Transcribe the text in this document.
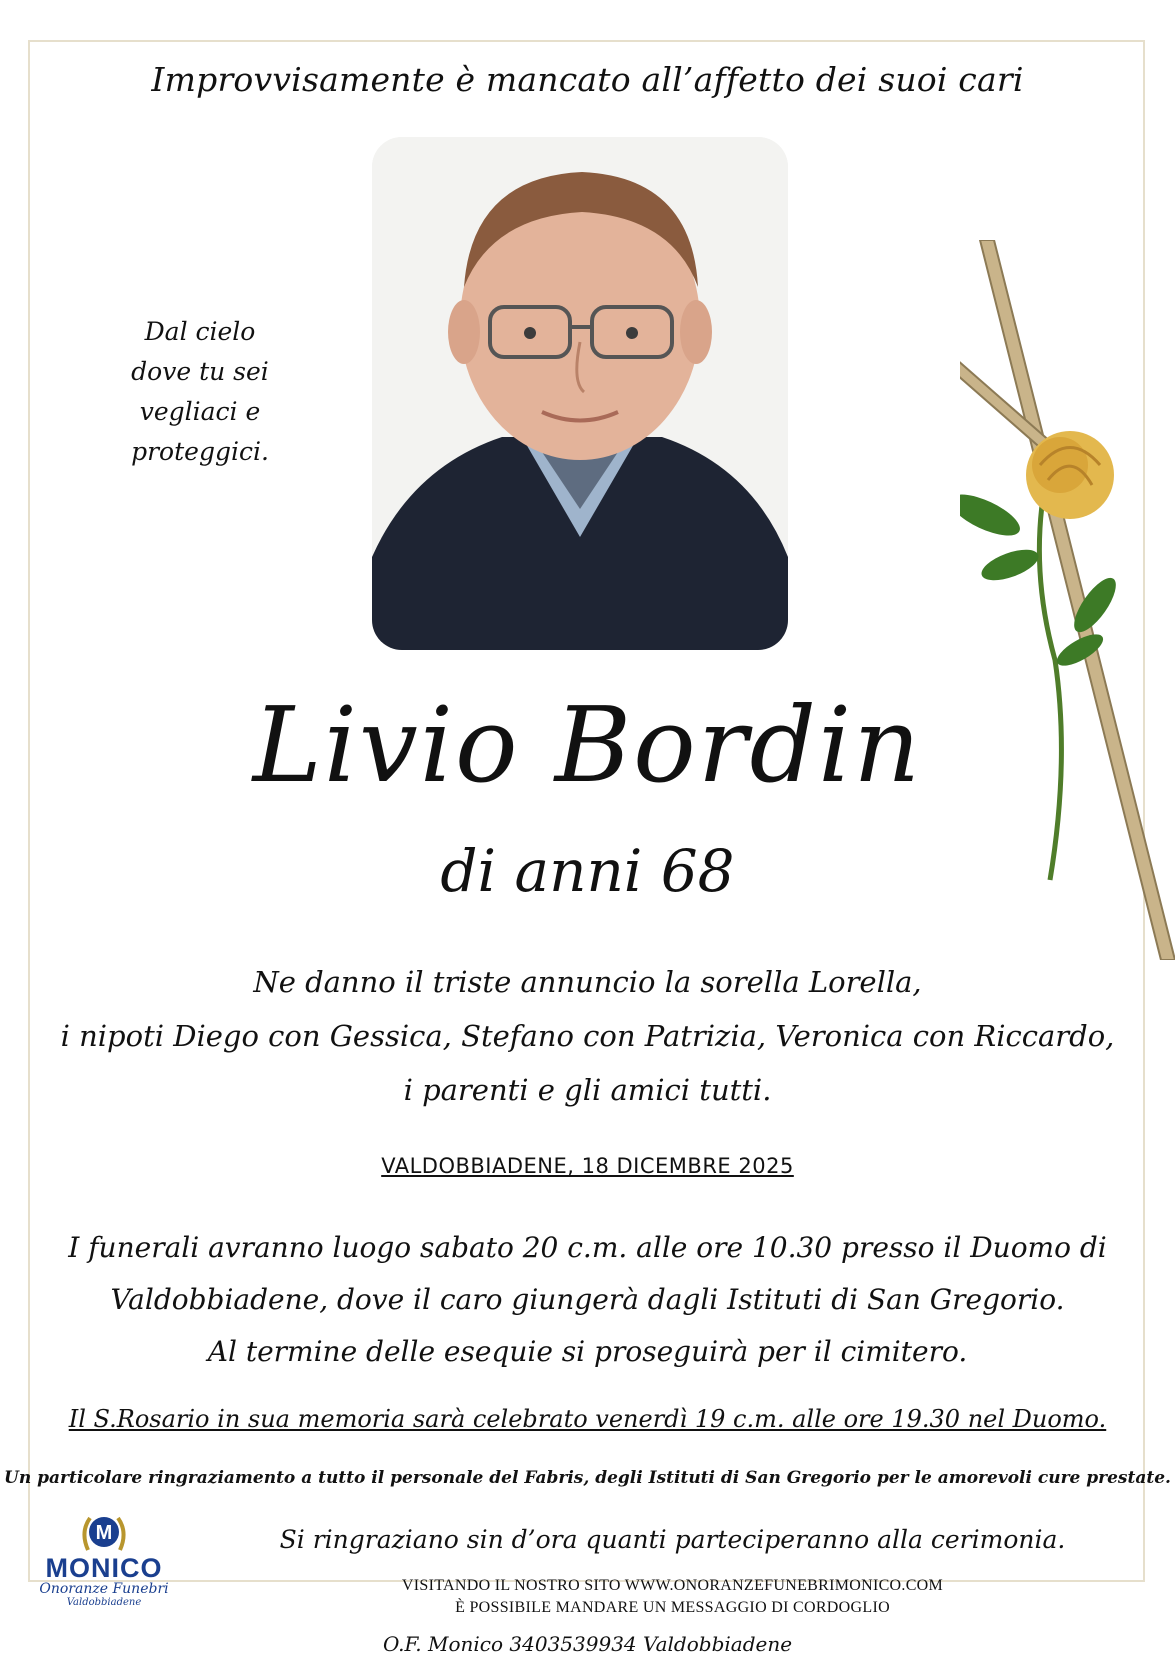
Improvvisamente è mancato all’affetto dei suoi cari
Dal cielo
dove tu sei
vegliaci e
proteggici.
Livio Bordin
di anni 68
Ne danno il triste annuncio la sorella Lorella,
i nipoti Diego con Gessica, Stefano con Patrizia, Veronica con Riccardo,
i parenti e gli amici tutti.
VALDOBBIADENE, 18 DICEMBRE 2025
I funerali avranno luogo sabato 20 c.m. alle ore 10.30 presso il Duomo di
Valdobbiadene, dove il caro giungerà dagli Istituti di San Gregorio.
Al termine delle esequie si proseguirà per il cimitero.
Il S.Rosario in sua memoria sarà celebrato venerdì 19 c.m. alle ore 19.30 nel Duomo.
Un particolare ringraziamento a tutto il personale del Fabris, degli Istituti di San Gregorio per le amorevoli cure prestate.
Si ringraziano sin d’ora quanti parteciperanno alla cerimonia.
VISITANDO IL NOSTRO SITO WWW.ONORANZEFUNEBRIMONICO.COM
È POSSIBILE MANDARE UN MESSAGGIO DI CORDOGLIO
M
MONICO
Onoranze Funebri
Valdobbiadene
O.F. Monico 3403539934 Valdobbiadene
